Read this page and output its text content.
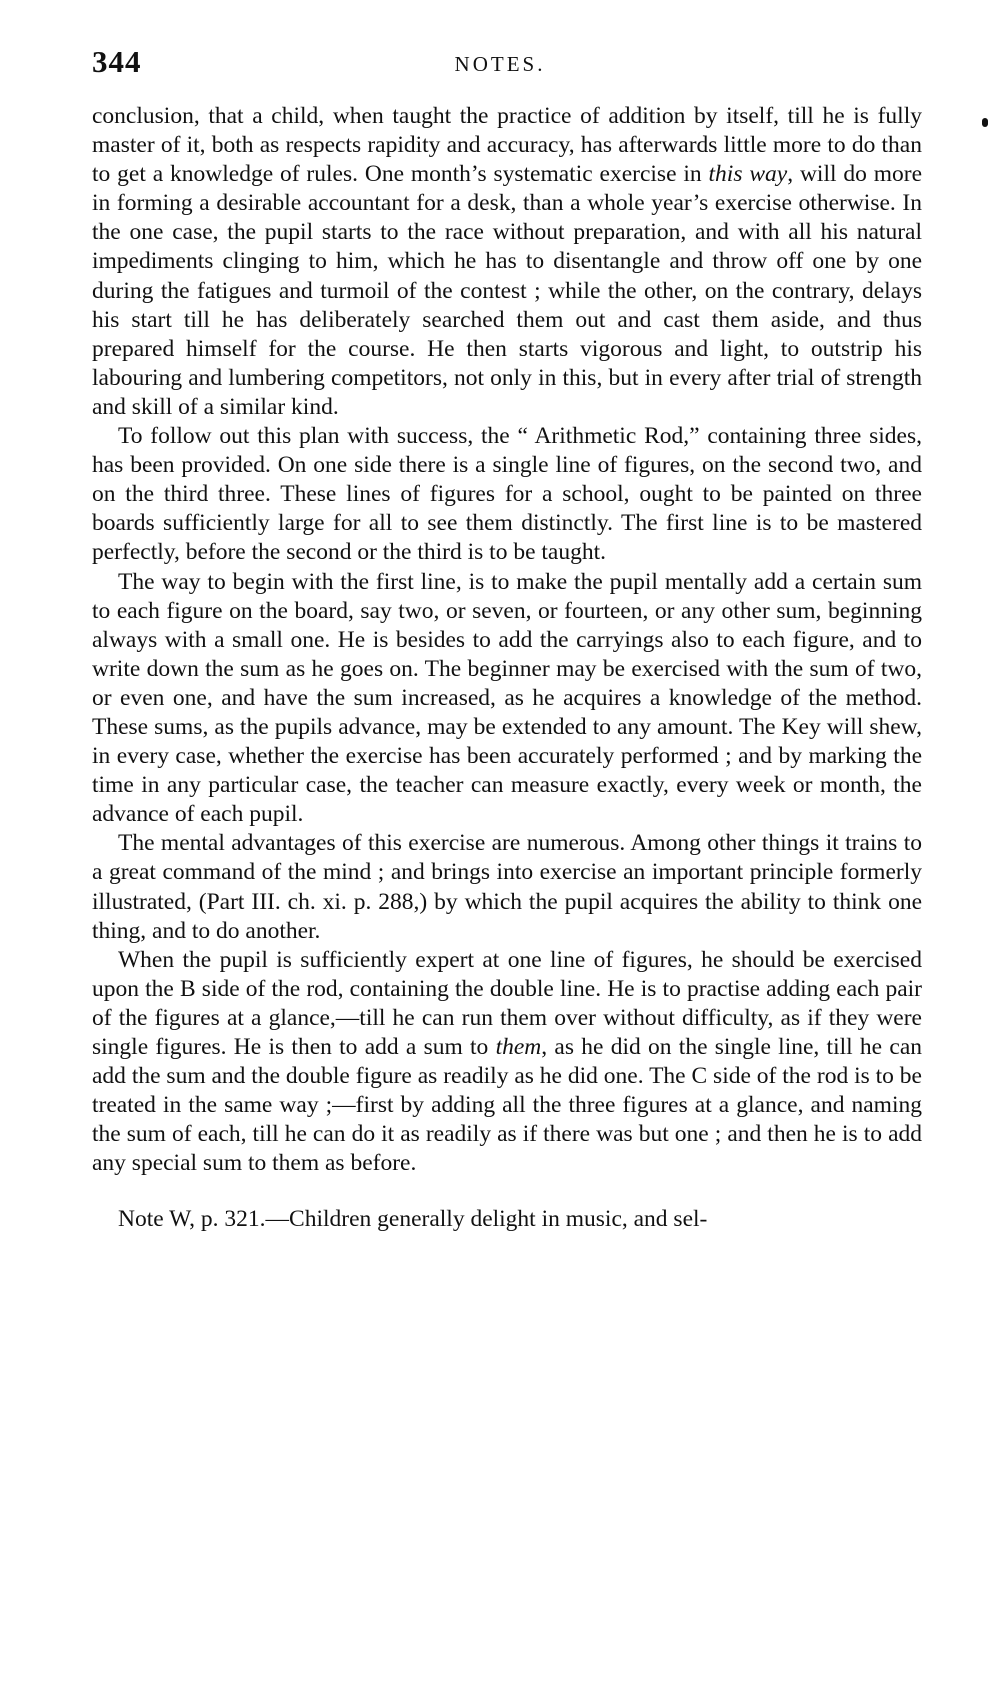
344	NOTES.

conclusion, that a child, when taught the practice of addition by itself, till he is fully master of it, both as respects rapidity and accuracy, has afterwards little more to do than to get a knowledge of rules. One month’s systematic exercise in this way, will do more in forming a desirable accountant for a desk, than a whole year’s exercise otherwise. In the one case, the pupil starts to the race without preparation, and with all his natural impediments clinging to him, which he has to disentangle and throw off one by one during the fatigues and turmoil of the contest ; while the other, on the contrary, delays his start till he has deliberately searched them out and cast them aside, and thus prepared himself for the course. He then starts vigorous and light, to outstrip his labouring and lumbering competitors, not only in this, but in every after trial of strength and skill of a similar kind.

To follow out this plan with success, the “ Arithmetic Rod,” containing three sides, has been provided. On one side there is a single line of figures, on the second two, and on the third three. These lines of figures for a school, ought to be painted on three boards sufficiently large for all to see them distinctly. The first line is to be mastered perfectly, before the second or the third is to be taught.

The way to begin with the first line, is to make the pupil mentally add a certain sum to each figure on the board, say two, or seven, or fourteen, or any other sum, beginning always with a small one. He is besides to add the carryings also to each figure, and to write down the sum as he goes on. The beginner may be exercised with the sum of two, or even one, and have the sum increased, as he acquires a knowledge of the method. These sums, as the pupils advance, may be extended to any amount. The Key will shew, in every case, whether the exercise has been accurately performed ; and by marking the time in any particular case, the teacher can measure exactly, every week or month, the advance of each pupil.

The mental advantages of this exercise are numerous. Among other things it trains to a great command of the mind ; and brings into exercise an important principle formerly illustrated, (Part III. ch. xi. p. 288,) by which the pupil acquires the ability to think one thing, and to do another.

When the pupil is sufficiently expert at one line of figures, he should be exercised upon the B side of the rod, containing the double line. He is to practise adding each pair of the figures at a glance,—till he can run them over without difficulty, as if they were single figures. He is then to add a sum to them, as he did on the single line, till he can add the sum and the double figure as readily as he did one. The C side of the rod is to be treated in the same way ;—first by adding all the three figures at a glance, and naming the sum of each, till he can do it as readily as if there was but one ; and then he is to add any special sum to them as before.

Note W, p. 321.—Children generally delight in music, and sel-
